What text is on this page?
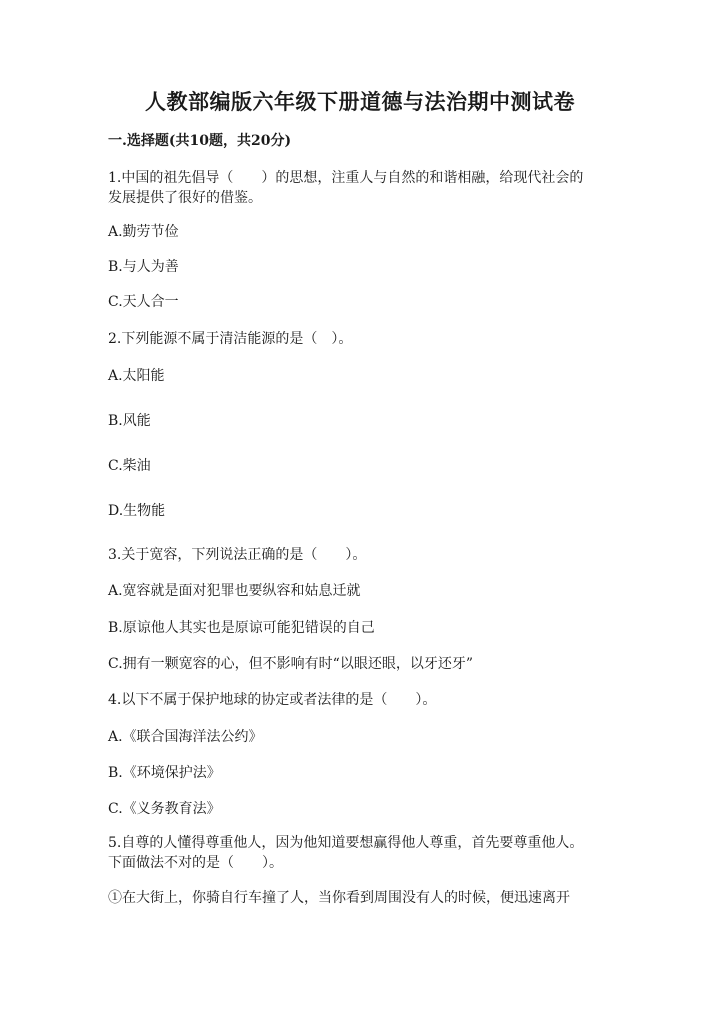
人教部编版六年级下册道德与法治期中测试卷
一.选择题(共10题，共20分)
1.中国的祖先倡导（　　）的思想，注重人与自然的和谐相融，给现代社会的
发展提供了很好的借鉴。
A.勤劳节俭
B.与人为善
C.天人合一
2.下列能源不属于清洁能源的是（　）。
A.太阳能
B.风能
C.柴油
D.生物能
3.关于宽容，下列说法正确的是（　　）。
A.宽容就是面对犯罪也要纵容和姑息迁就
B.原谅他人其实也是原谅可能犯错误的自己
C.拥有一颗宽容的心，但不影响有时“以眼还眼，以牙还牙”
4.以下不属于保护地球的协定或者法律的是（　　）。
A.《联合国海洋法公约》
B.《环境保护法》
C.《义务教育法》
5.自尊的人懂得尊重他人，因为他知道要想赢得他人尊重，首先要尊重他人。
下面做法不对的是（　　）。
①在大街上，你骑自行车撞了人，当你看到周围没有人的时候，便迅速离开
